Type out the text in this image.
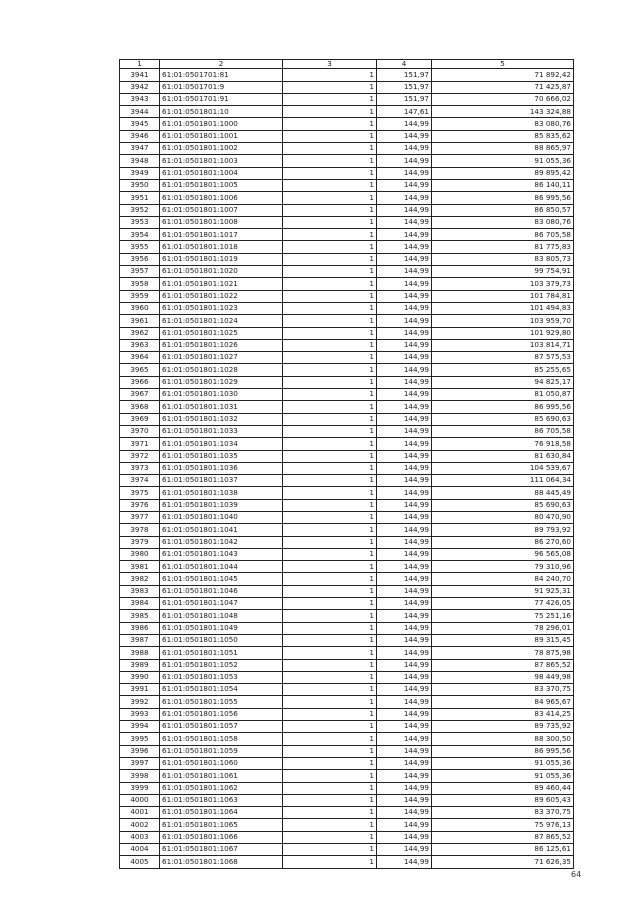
1	2	3	4	5
3941	61:01:0501701:81	1	151,97	71 892,42
3942	61:01:0501701:9	1	151,97	71 425,87
3943	61:01:0501701:91	1	151,97	70 666,02
3944	61:01:0501801:10	1	147,61	143 324,88
3945	61:01:0501801:1000	1	144,99	83 080,76
3946	61:01:0501801:1001	1	144,99	85 835,62
3947	61:01:0501801:1002	1	144,99	88 865,97
3948	61:01:0501801:1003	1	144,99	91 055,36
3949	61:01:0501801:1004	1	144,99	89 895,42
3950	61:01:0501801:1005	1	144,99	86 140,11
3951	61:01:0501801:1006	1	144,99	86 995,56
3952	61:01:0501801:1007	1	144,99	86 850,57
3953	61:01:0501801:1008	1	144,99	83 080,76
3954	61:01:0501801:1017	1	144,99	86 705,58
3955	61:01:0501801:1018	1	144,99	81 775,83
3956	61:01:0501801:1019	1	144,99	83 805,73
3957	61:01:0501801:1020	1	144,99	99 754,91
3958	61:01:0501801:1021	1	144,99	103 379,73
3959	61:01:0501801:1022	1	144,99	101 784,81
3960	61:01:0501801:1023	1	144,99	101 494,83
3961	61:01:0501801:1024	1	144,99	103 959,70
3962	61:01:0501801:1025	1	144,99	101 929,80
3963	61:01:0501801:1026	1	144,99	103 814,71
3964	61:01:0501801:1027	1	144,99	87 575,53
3965	61:01:0501801:1028	1	144,99	85 255,65
3966	61:01:0501801:1029	1	144,99	94 825,17
3967	61:01:0501801:1030	1	144,99	81 050,87
3968	61:01:0501801:1031	1	144,99	86 995,56
3969	61:01:0501801:1032	1	144,99	85 690,63
3970	61:01:0501801:1033	1	144,99	86 705,58
3971	61:01:0501801:1034	1	144,99	76 918,58
3972	61:01:0501801:1035	1	144,99	81 630,84
3973	61:01:0501801:1036	1	144,99	104 539,67
3974	61:01:0501801:1037	1	144,99	111 064,34
3975	61:01:0501801:1038	1	144,99	88 445,49
3976	61:01:0501801:1039	1	144,99	85 690,63
3977	61:01:0501801:1040	1	144,99	80 470,90
3978	61:01:0501801:1041	1	144,99	89 793,92
3979	61:01:0501801:1042	1	144,99	86 270,60
3980	61:01:0501801:1043	1	144,99	96 565,08
3981	61:01:0501801:1044	1	144,99	79 310,96
3982	61:01:0501801:1045	1	144,99	84 240,70
3983	61:01:0501801:1046	1	144,99	91 925,31
3984	61:01:0501801:1047	1	144,99	77 426,05
3985	61:01:0501801:1048	1	144,99	75 251,16
3986	61:01:0501801:1049	1	144,99	78 296,01
3987	61:01:0501801:1050	1	144,99	89 315,45
3988	61:01:0501801:1051	1	144,99	78 875,98
3989	61:01:0501801:1052	1	144,99	87 865,52
3990	61:01:0501801:1053	1	144,99	98 449,98
3991	61:01:0501801:1054	1	144,99	83 370,75
3992	61:01:0501801:1055	1	144,99	84 965,67
3993	61:01:0501801:1056	1	144,99	83 414,25
3994	61:01:0501801:1057	1	144,99	89 735,92
3995	61:01:0501801:1058	1	144,99	88 300,50
3996	61:01:0501801:1059	1	144,99	86 995,56
3997	61:01:0501801:1060	1	144,99	91 055,36
3998	61:01:0501801:1061	1	144,99	91 055,36
3999	61:01:0501801:1062	1	144,99	89 460,44
4000	61:01:0501801:1063	1	144,99	89 605,43
4001	61:01:0501801:1064	1	144,99	83 370,75
4002	61:01:0501801:1065	1	144,99	75 976,13
4003	61:01:0501801:1066	1	144,99	87 865,52
4004	61:01:0501801:1067	1	144,99	86 125,61
4005	61:01:0501801:1068	1	144,99	71 626,35
64
